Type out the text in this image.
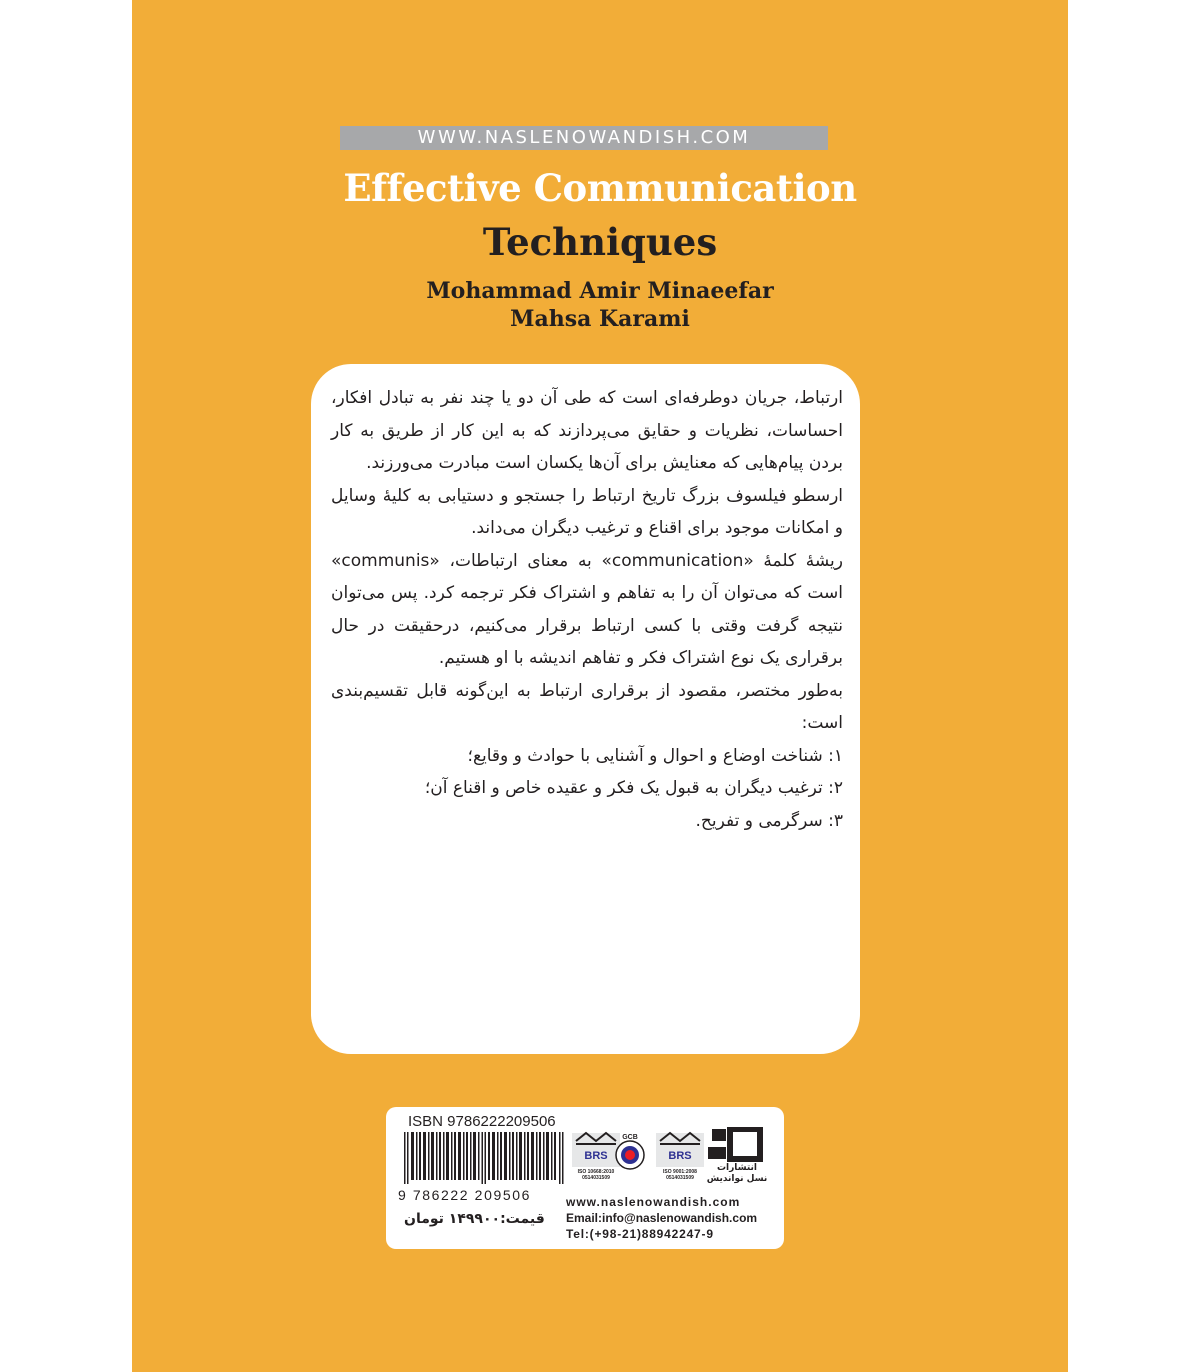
WWW.NASLENOWANDISH.COM
Effective Communication
Techniques
Mohammad Amir Minaeefar
Mahsa Karami

ارتباط، جریان دوطرفه‌ای است که طی آن دو یا چند نفر به تبادل افکار، احساسات، نظریات و حقایق می‌پردازند که به این کار از طریق به کار بردن پیام‌هایی که معنایش برای آن‌ها یکسان است مبادرت می‌ورزند.

ارسطو فیلسوف بزرگ تاریخ ارتباط را جستجو و دستیابی به کلیهٔ وسایل و امکانات موجود برای اقناع و ترغیب دیگران می‌داند.

ریشهٔ کلمهٔ «communication» به معنای ارتباطات، «communis» است که می‌توان آن را به تفاهم و اشتراک فکر ترجمه کرد. پس می‌توان نتیجه گرفت وقتی با کسی ارتباط برقرار می‌کنیم، درحقیقت در حال برقراری یک نوع اشتراک فکر و تفاهم اندیشه با او هستیم.

به‌طور مختصر، مقصود از برقراری ارتباط به این‌گونه قابل تقسیم‌بندی است:

۱: شناخت اوضاع و احوال و آشنایی با حوادث و وقایع؛

۲: ترغیب دیگران به قبول یک فکر و عقیده خاص و اقناع آن؛

۳: سرگرمی و تفریح.

ISBN 9786222209506
9 786222 209506
قیمت:۱۴۹۹۰۰ تومان
BRS
ISO 10668:2010
0514031509
GCB
BRS
ISO 9001:2008
0514031509
انتشارات
نسل نواندیش
www.naslenowandish.com
Email:info@naslenowandish.com
Tel:(+98-21)88942247-9
